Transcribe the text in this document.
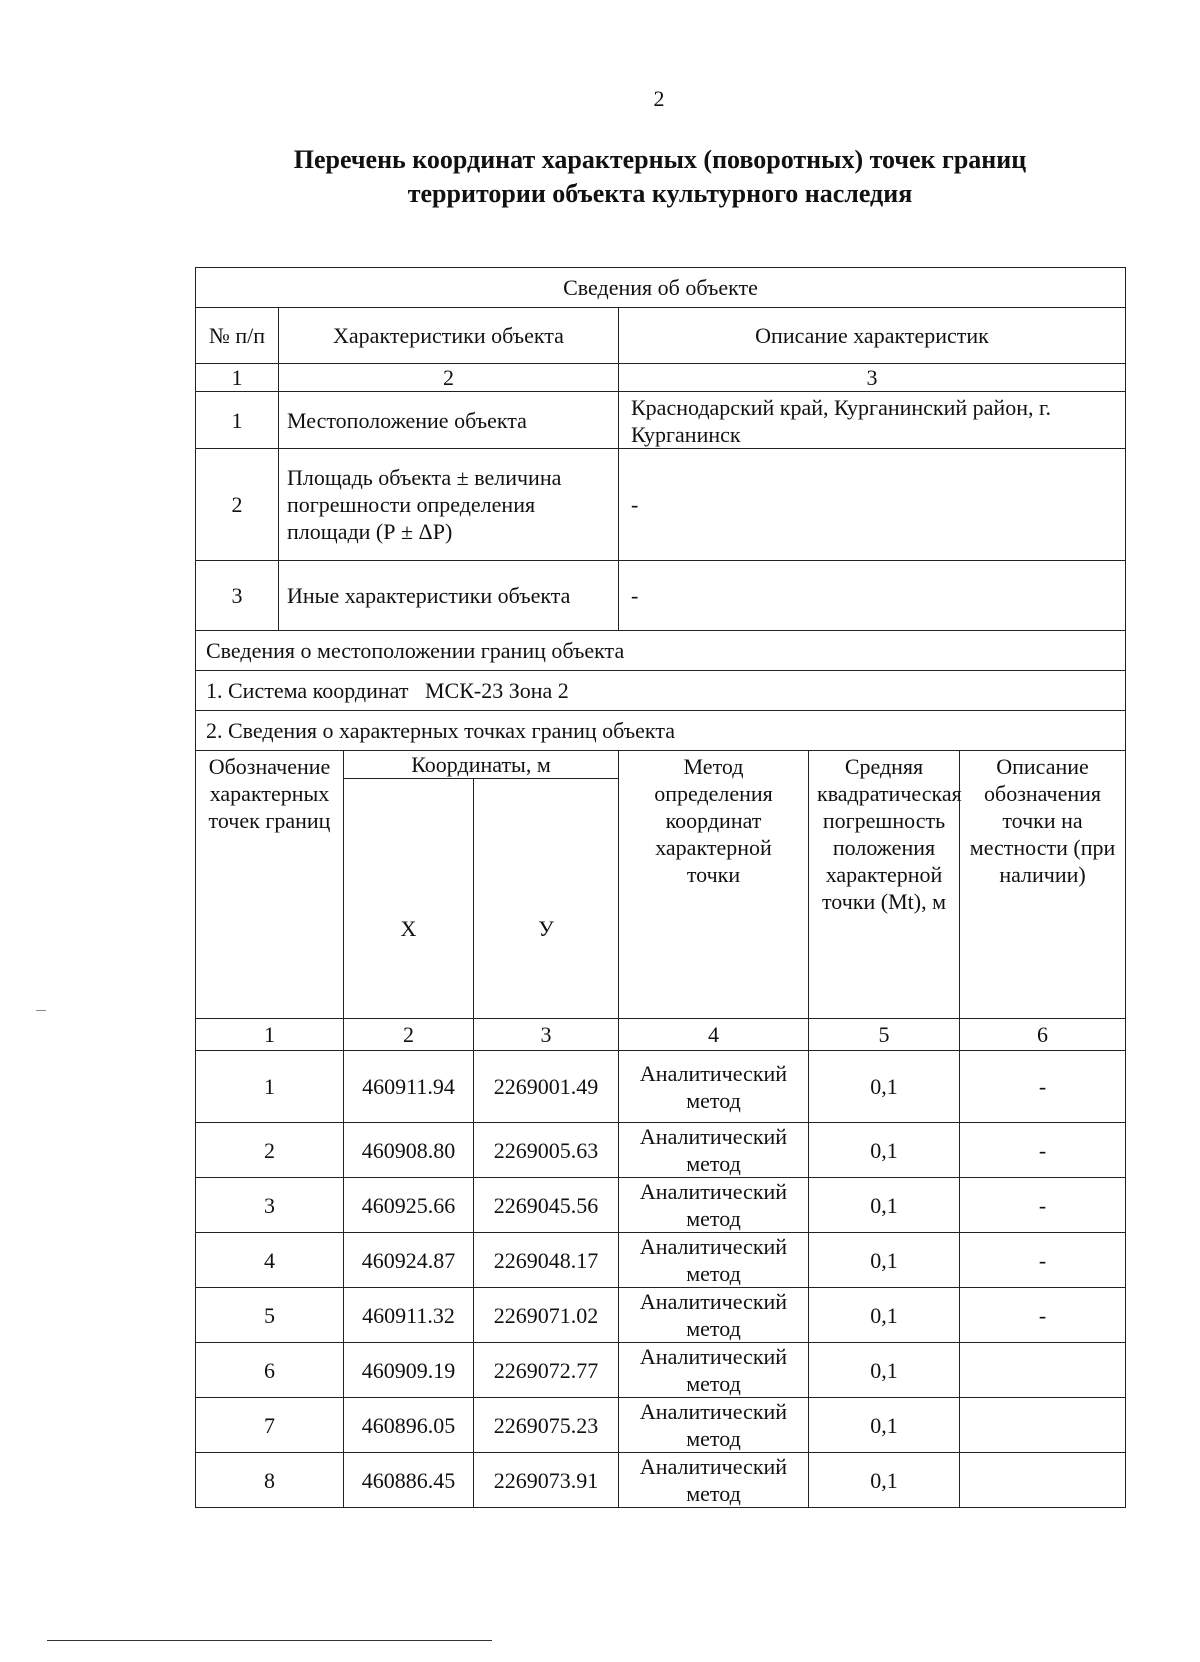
2
Перечень координат характерных (поворотных) точек границ
территории объекта культурного наследия
Сведения об объекте						
№ п/п	Характеристики объекта			Описание характеристик		
1	2			3		
1	Местоположение объекта			Краснодарский край, Курганинский район, г. Курганинск		
2	Площадь объекта ± величина погрешности определения площади (Р ± ΔР)			-		
3	Иные характеристики объекта			-		
Сведения о местоположении границ объекта						
1. Система координат   МСК-23 Зона 2						
2. Сведения о характерных точках границ объекта						
Обозначение характерных точек границ		Координаты, м		Метод определения координат характерной точки	Средняя квадратическая погрешность положения характерной точки (Mt), м	Описание обозначения точки на местности (при наличии)
		X	У			
1		2	3	4	5	6
1		460911.94	2269001.49	Аналитический метод	0,1	-
2		460908.80	2269005.63	Аналитический метод	0,1	-
3		460925.66	2269045.56	Аналитический метод	0,1	-
4		460924.87	2269048.17	Аналитический метод	0,1	-
5		460911.32	2269071.02	Аналитический метод	0,1	-
6		460909.19	2269072.77	Аналитический метод	0,1	
7		460896.05	2269075.23	Аналитический метод	0,1	
8		460886.45	2269073.91	Аналитический метод	0,1	
